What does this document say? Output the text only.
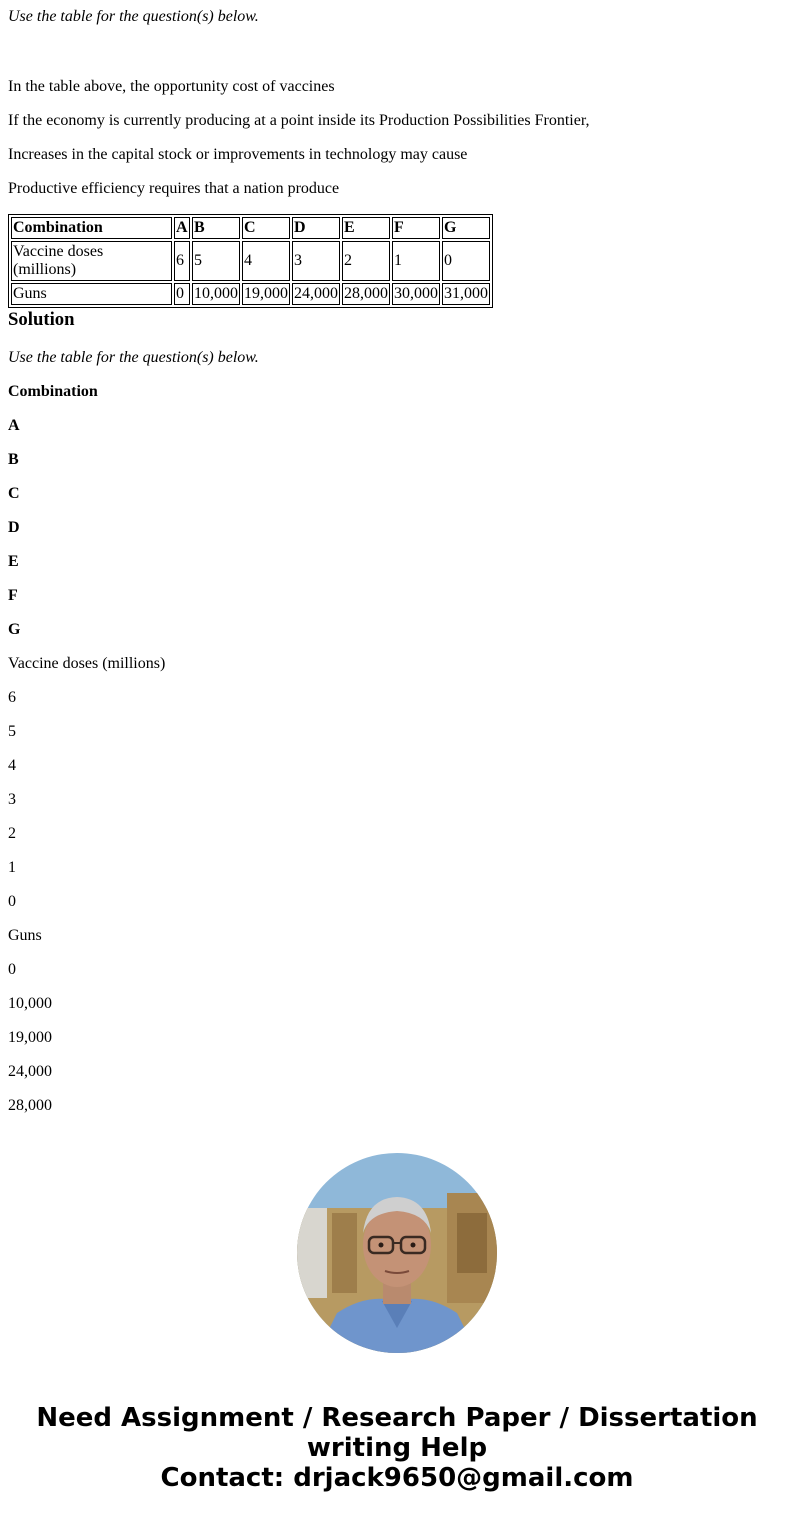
Use the table for the question(s) below.

In the table above, the opportunity cost of vaccines

If the economy is currently producing at a point inside its Production Possibilities Frontier,

Increases in the capital stock or improvements in technology may cause

Productive efficiency requires that a nation produce

Combination	A	B	C	D	E	F	G
Vaccine doses (millions)	6	5	4	3	2	1	0
Guns	0	10,000	19,000	24,000	28,000	30,000	31,000
Solution
Use the table for the question(s) below.
Combination
A
B
C
D
E
F
G
Vaccine doses (millions)
6
5
4
3
2
1
0
Guns
0
10,000
19,000
24,000
28,000
Need Assignment / Research Paper / Dissertation
writing Help
Contact: drjack9650@gmail.com
